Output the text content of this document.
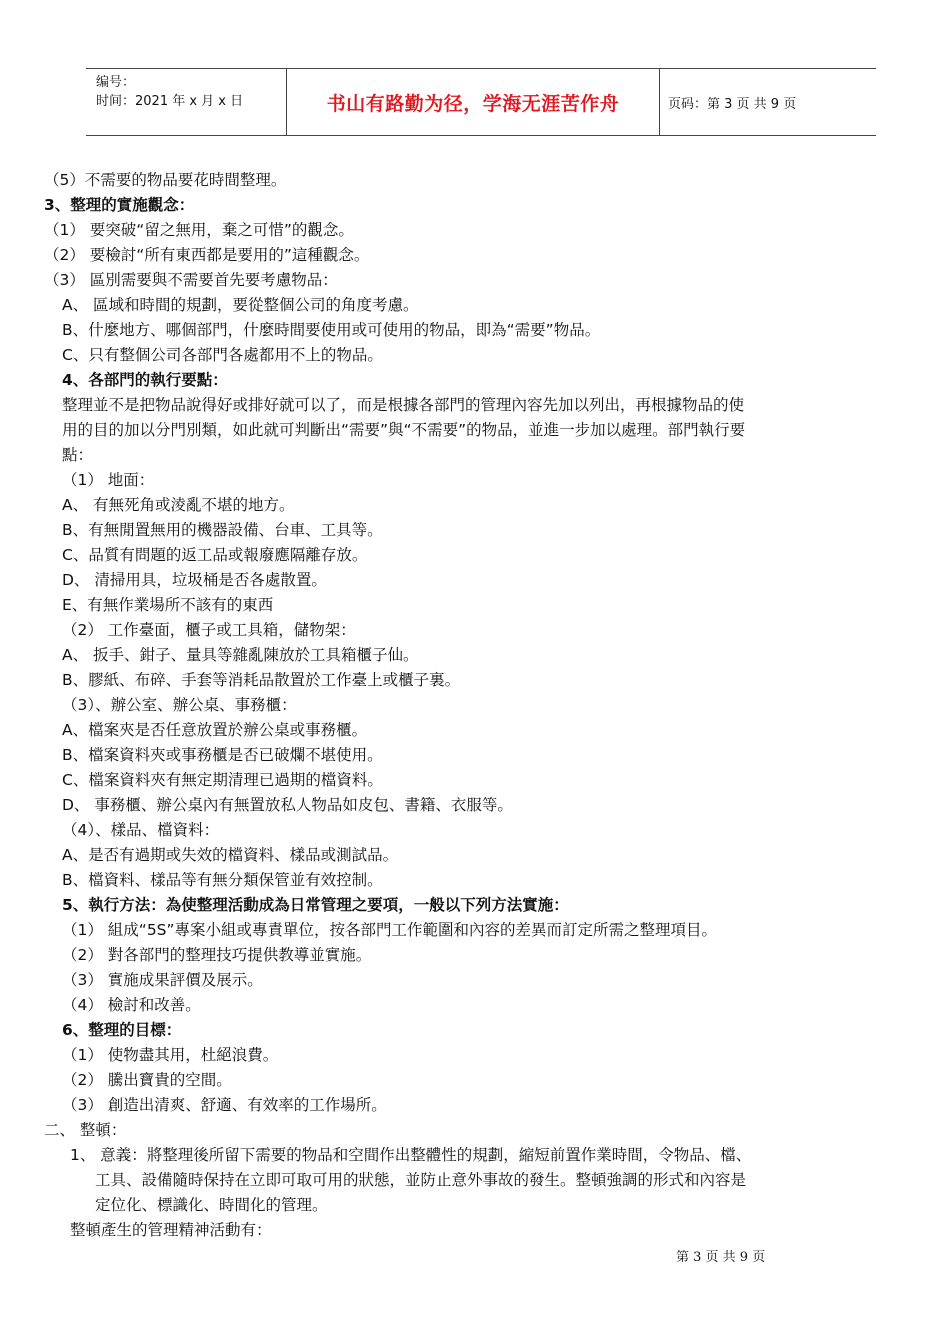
编号：
时间：2021 年 x 月 x 日	书山有路勤为径，学海无涯苦作舟	页码：第 3 页 共 9 页
（5）不需要的物品要花時間整理。
3、整理的實施觀念：
（1） 要突破“留之無用，棄之可惜”的觀念。
（2） 要檢討“所有東西都是要用的”這種觀念。
（3） 區別需要與不需要首先要考慮物品：
A、 區域和時間的規劃，要從整個公司的角度考慮。
B、什麼地方、哪個部門，什麼時間要使用或可使用的物品，即為“需要”物品。
C、只有整個公司各部門各處都用不上的物品。
4、各部門的執行要點：
整理並不是把物品說得好或排好就可以了，而是根據各部門的管理內容先加以列出，再根據物品的使
用的目的加以分門別類，如此就可判斷出“需要”與“不需要”的物品，並進一步加以處理。部門執行要
點：
（1） 地面：
A、 有無死角或淩亂不堪的地方。
B、有無閒置無用的機器設備、台車、工具等。
C、品質有問題的返工品或報廢應隔離存放。
D、 清掃用具，垃圾桶是否各處散置。
E、有無作業場所不該有的東西
（2） 工作臺面，櫃子或工具箱，儲物架：
A、 扳手、鉗子、量具等雜亂陳放於工具箱櫃子仙。
B、膠紙、布碎、手套等消耗品散置於工作臺上或櫃子裏。
（3）、辦公室、辦公桌、事務櫃：
A、檔案夾是否任意放置於辦公桌或事務櫃。
B、檔案資料夾或事務櫃是否已破爛不堪使用。
C、檔案資料夾有無定期清理已過期的檔資料。
D、 事務櫃、辦公桌內有無置放私人物品如皮包、書籍、衣服等。
（4）、樣品、檔資料：
A、是否有過期或失效的檔資料、樣品或測試品。
B、檔資料、樣品等有無分類保管並有效控制。
5、執行方法：為使整理活動成為日常管理之要項，一般以下列方法實施：
（1） 組成“5S”專案小組或專責單位，按各部門工作範圍和內容的差異而訂定所需之整理項目。
（2） 對各部門的整理技巧提供教導並實施。
（3） 實施成果評價及展示。
（4） 檢討和改善。
6、整理的目標：
（1） 使物盡其用，杜絕浪費。
（2） 騰出寶貴的空間。
（3） 創造出清爽、舒適、有效率的工作場所。
二、 整頓：
1、 意義：將整理後所留下需要的物品和空間作出整體性的規劃，縮短前置作業時間，令物品、檔、
工具、設備隨時保持在立即可取可用的狀態，並防止意外事故的發生。整頓強調的形式和內容是
定位化、標識化、時間化的管理。
整頓產生的管理精神活動有：
第 3 页 共 9 页
